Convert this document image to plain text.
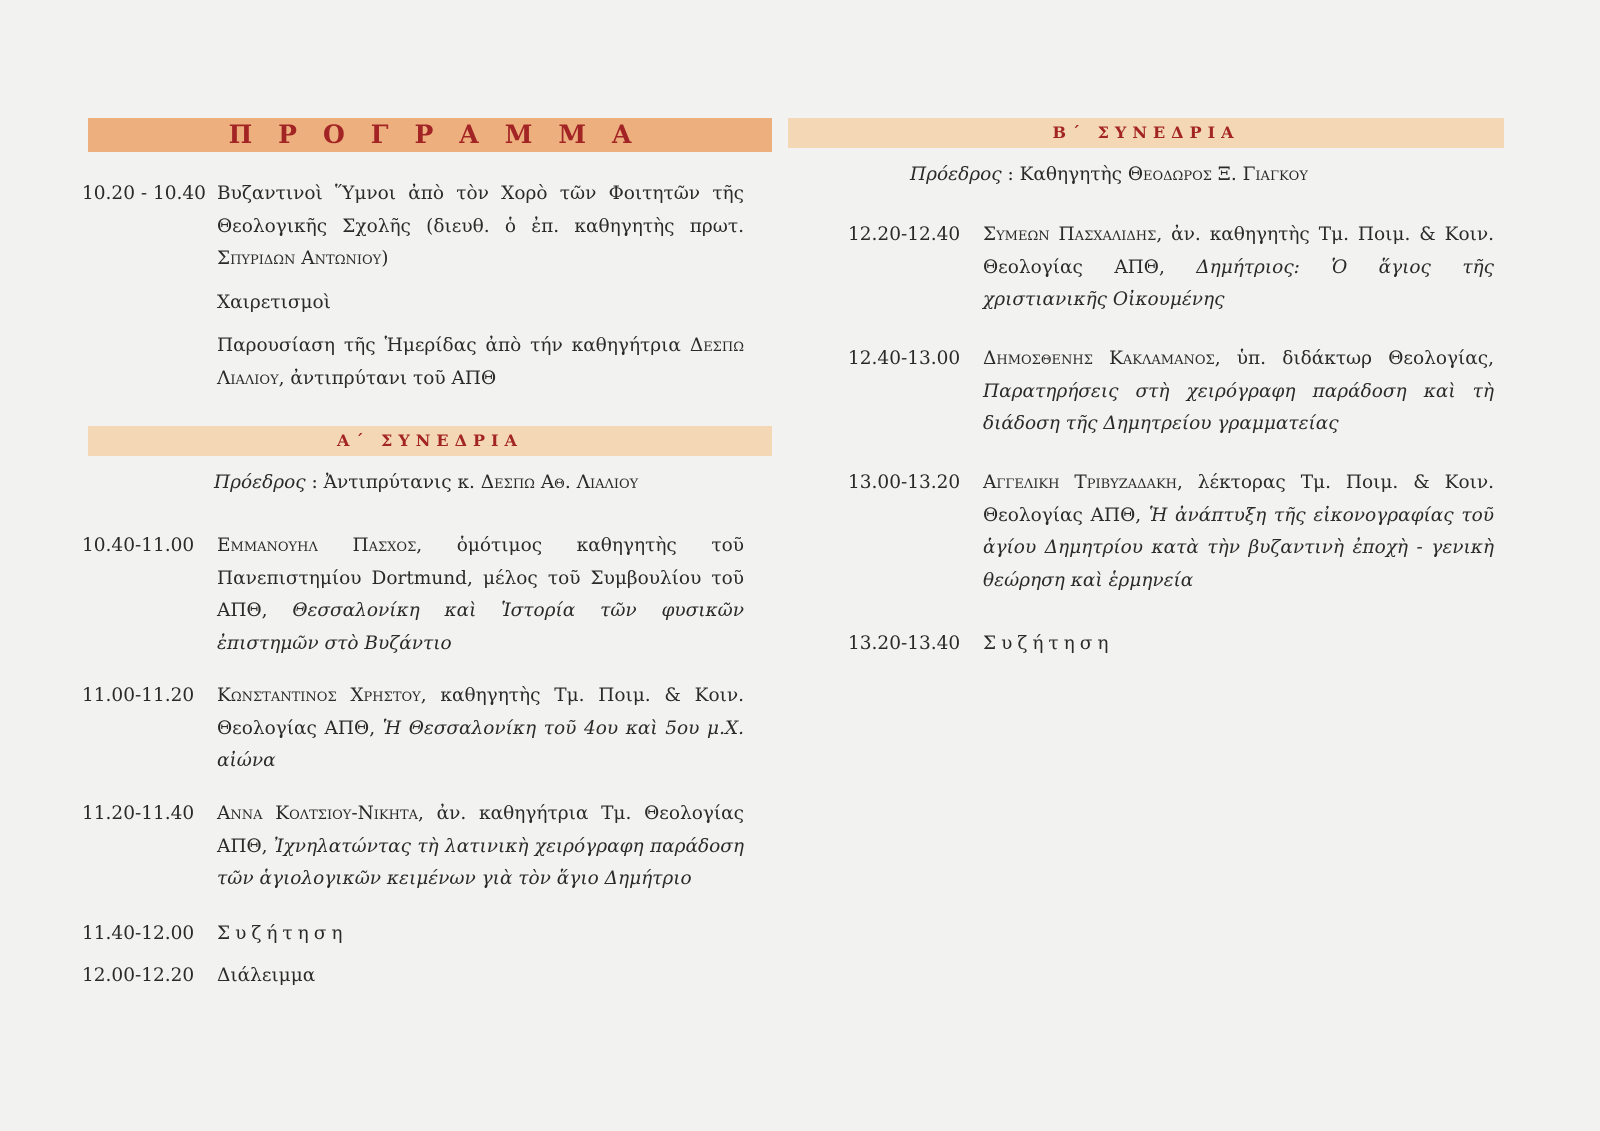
ΠΡΟΓΡΑΜΜΑ
10.20 - 10.40 Βυζαντινοὶ Ὕμνοι ἀπὸ τὸν Χορὸ τῶν Φοιτητῶν τῆς Θεολογικῆς Σχολῆς (διευθ. ὁ ἐπ. καθηγητὴς πρωτ. Σπυριδων Αντωνιου)

Χαιρετισμοὶ

Παρουσίαση τῆς Ἡμερίδας ἀπὸ τήν καθηγήτρια Δεσπω Λιαλιου, ἀντιπρύτανι τοῦ ΑΠΘ

Α΄ ΣΥΝΕΔΡΙΑ
Πρόεδρος : Ἀντιπρύτανις κ. Δεσπω Αθ. Λιαλιου
10.40-11.00	Εμμανουηλ Πασχος, ὁμότιμος καθηγητὴς τοῦ Πανεπιστημίου Dortmund, μέλος τοῦ Συμβουλίου τοῦ ΑΠΘ, Θεσσαλονίκη καὶ Ἱστορία τῶν φυσικῶν ἐπιστημῶν στὸ Βυζάντιο
11.00-11.20	Κωνσταντινος Χρηστου, καθηγητὴς Τμ. Ποιμ. & Κοιν. Θεολογίας ΑΠΘ, Ἡ Θεσσαλονίκη τοῦ 4ου καὶ 5ου μ.Χ. αἰώνα
11.20-11.40	Αννα Κολτσιου-Νικητα, ἀν. καθηγήτρια Τμ. Θεολογίας ΑΠΘ, Ἰχνηλατώντας τὴ λατινικὴ χειρόγραφη παράδοση τῶν ἁγιολογικῶν κειμένων γιὰ τὸν ἅγιο Δημήτριο
11.40-12.00	Συζήτηση
12.00-12.20	Διάλειμμα
Β΄ ΣΥΝΕΔΡΙΑ
Πρόεδρος : Καθηγητὴς Θεοδωρος Ξ. Γιαγκου
12.20-12.40	Συμεων Πασχαλιδης, ἀν. καθηγητὴς Τμ. Ποιμ. & Κοιν. Θεολογίας ΑΠΘ, Δημήτριος: Ὁ ἅγιος τῆς χριστιανικῆς Οἰκουμένης
12.40-13.00	Δημοσθενης Κακλαμανος, ὑπ. διδάκτωρ Θεολογίας, Παρατηρήσεις στὴ χειρόγραφη παράδοση καὶ τὴ διάδοση τῆς Δημητρείου γραμματείας
13.00-13.20	Αγγελικη Τριβυζαδακη, λέκτορας Τμ. Ποιμ. & Κοιν. Θεολογίας ΑΠΘ, Ἡ ἀνάπτυξη τῆς εἰκονογραφίας τοῦ ἁγίου Δημητρίου κατὰ τὴν βυζαντινὴ ἐποχὴ - γενικὴ θεώρηση καὶ ἑρμηνεία
13.20-13.40	Συζήτηση
